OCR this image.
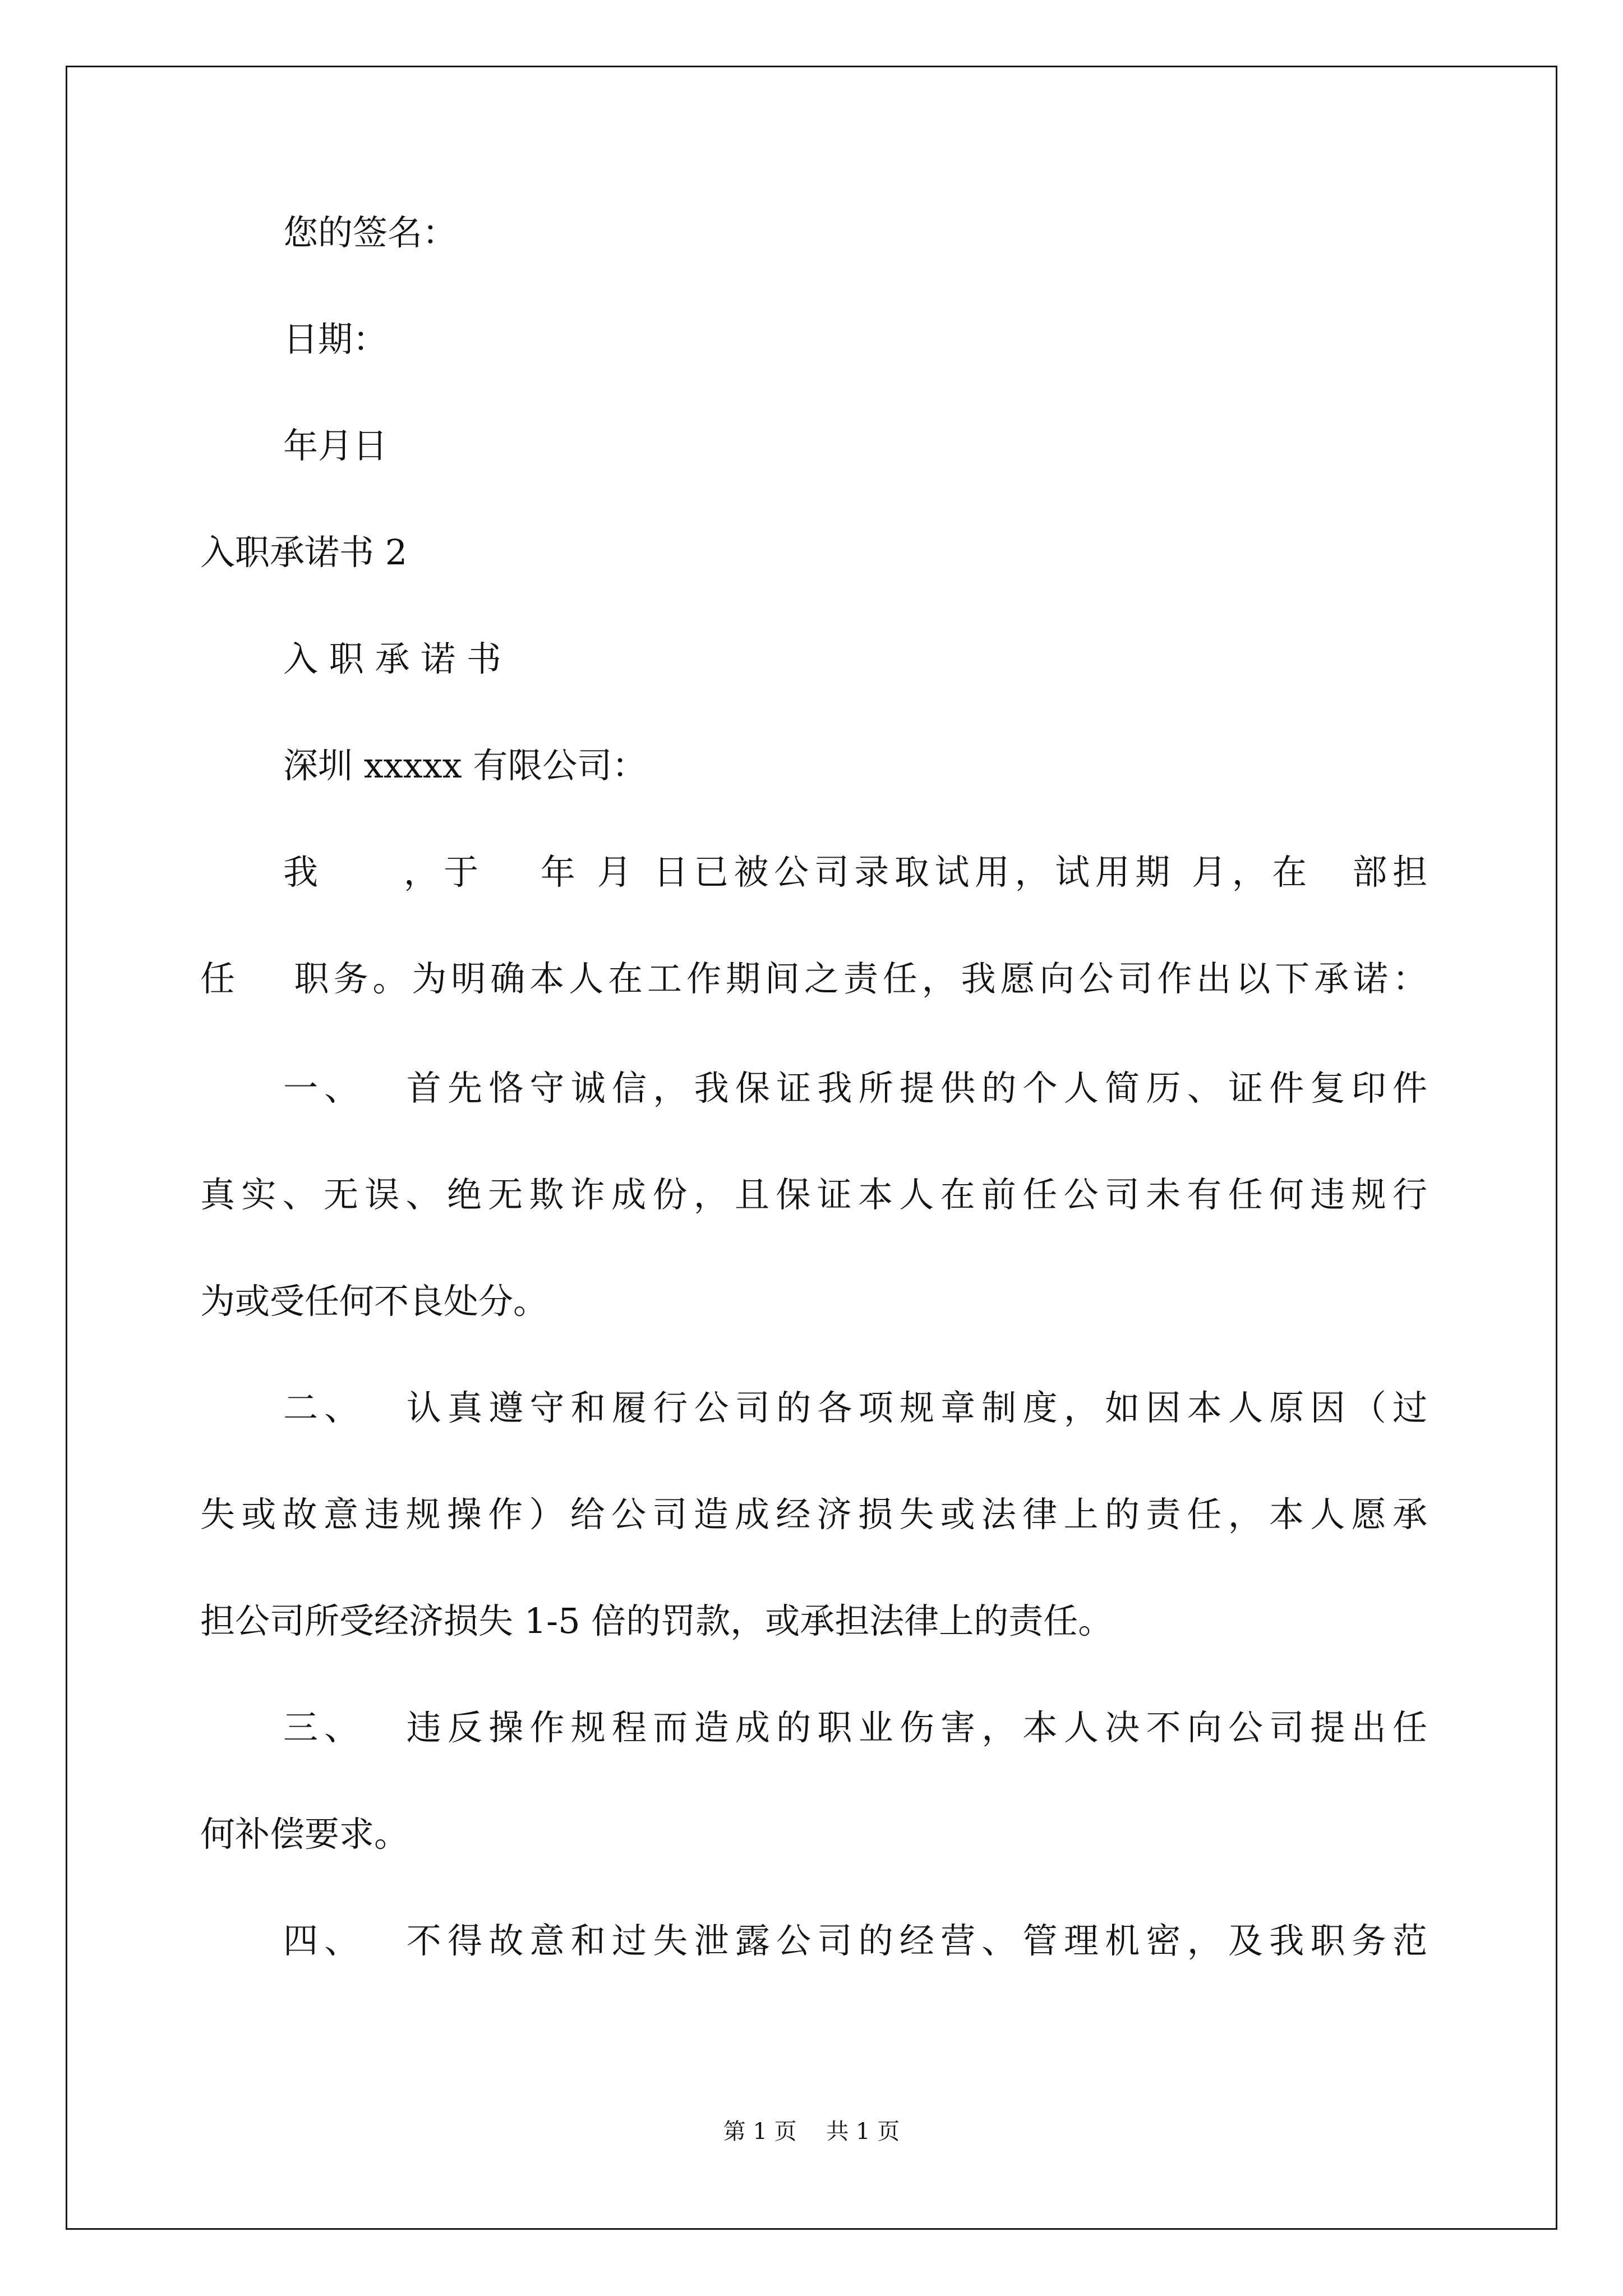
您的签名：

日期：

年月日

入职承诺书 2

入 职 承 诺 书

深圳 xxxxx 有限公司：

我　　，于　 年 月 日已被公司录取试用，试用期 月，在　部担

任　 职务。为明确本人在工作期间之责任，我愿向公司作出以下承诺：

一、　 首先恪守诚信，我保证我所提供的个人简历、证件复印件

真实、无误、绝无欺诈成份，且保证本人在前任公司未有任何违规行

为或受任何不良处分。

二、　 认真遵守和履行公司的各项规章制度，如因本人原因（过

失或故意违规操作）给公司造成经济损失或法律上的责任，本人愿承

担公司所受经济损失 1-5 倍的罚款，或承担法律上的责任。

三、　 违反操作规程而造成的职业伤害，本人决不向公司提出任

何补偿要求。

四、　 不得故意和过失泄露公司的经营、管理机密，及我职务范

第 1 页　 共 1 页
